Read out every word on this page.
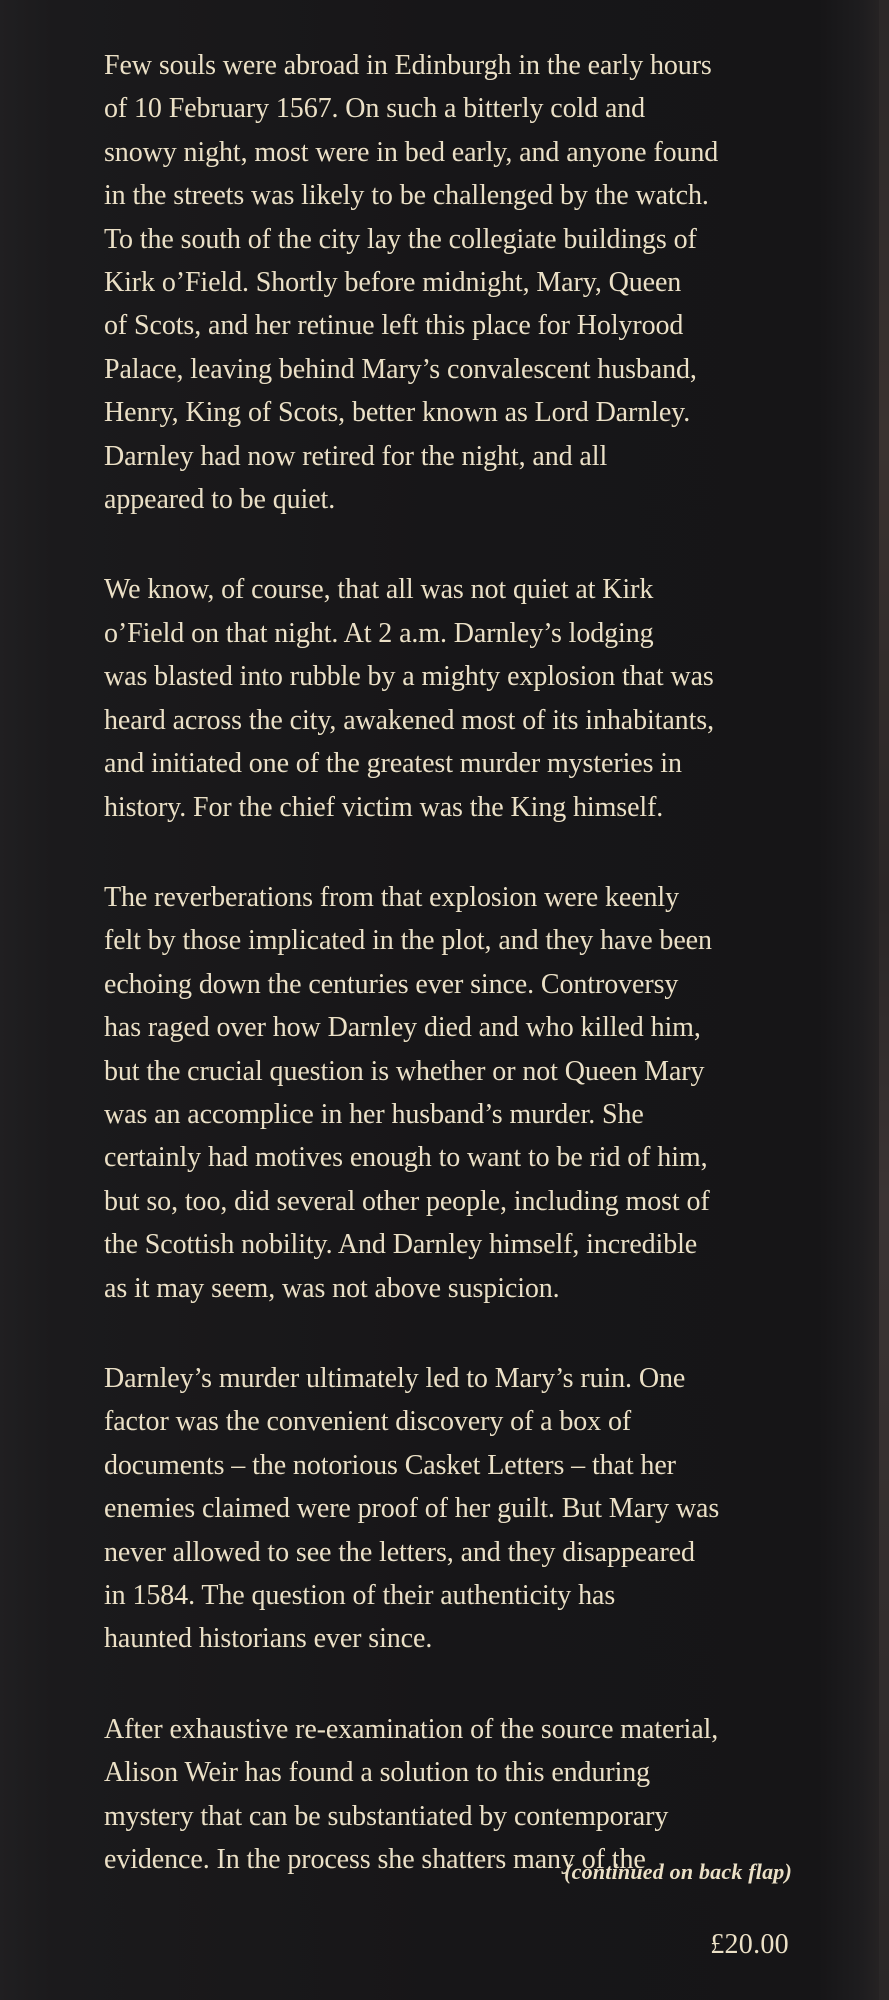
Few souls were abroad in Edinburgh in the early hours
of 10 February 1567. On such a bitterly cold and
snowy night, most were in bed early, and anyone found
in the streets was likely to be challenged by the watch.
To the south of the city lay the collegiate buildings of
Kirk o’Field. Shortly before midnight, Mary, Queen
of Scots, and her retinue left this place for Holyrood
Palace, leaving behind Mary’s convalescent husband,
Henry, King of Scots, better known as Lord Darnley.
Darnley had now retired for the night, and all
appeared to be quiet.

We know, of course, that all was not quiet at Kirk
o’Field on that night. At 2 a.m. Darnley’s lodging
was blasted into rubble by a mighty explosion that was
heard across the city, awakened most of its inhabitants,
and initiated one of the greatest murder mysteries in
history. For the chief victim was the King himself.

The reverberations from that explosion were keenly
felt by those implicated in the plot, and they have been
echoing down the centuries ever since. Controversy
has raged over how Darnley died and who killed him,
but the crucial question is whether or not Queen Mary
was an accomplice in her husband’s murder. She
certainly had motives enough to want to be rid of him,
but so, too, did several other people, including most of
the Scottish nobility. And Darnley himself, incredible
as it may seem, was not above suspicion.

Darnley’s murder ultimately led to Mary’s ruin. One
factor was the convenient discovery of a box of
documents – the notorious Casket Letters – that her
enemies claimed were proof of her guilt. But Mary was
never allowed to see the letters, and they disappeared
in 1584. The question of their authenticity has
haunted historians ever since.

After exhaustive re-examination of the source material,
Alison Weir has found a solution to this enduring
mystery that can be substantiated by contemporary
evidence. In the process she shatters many of the

(continued on back flap)
£20.00
